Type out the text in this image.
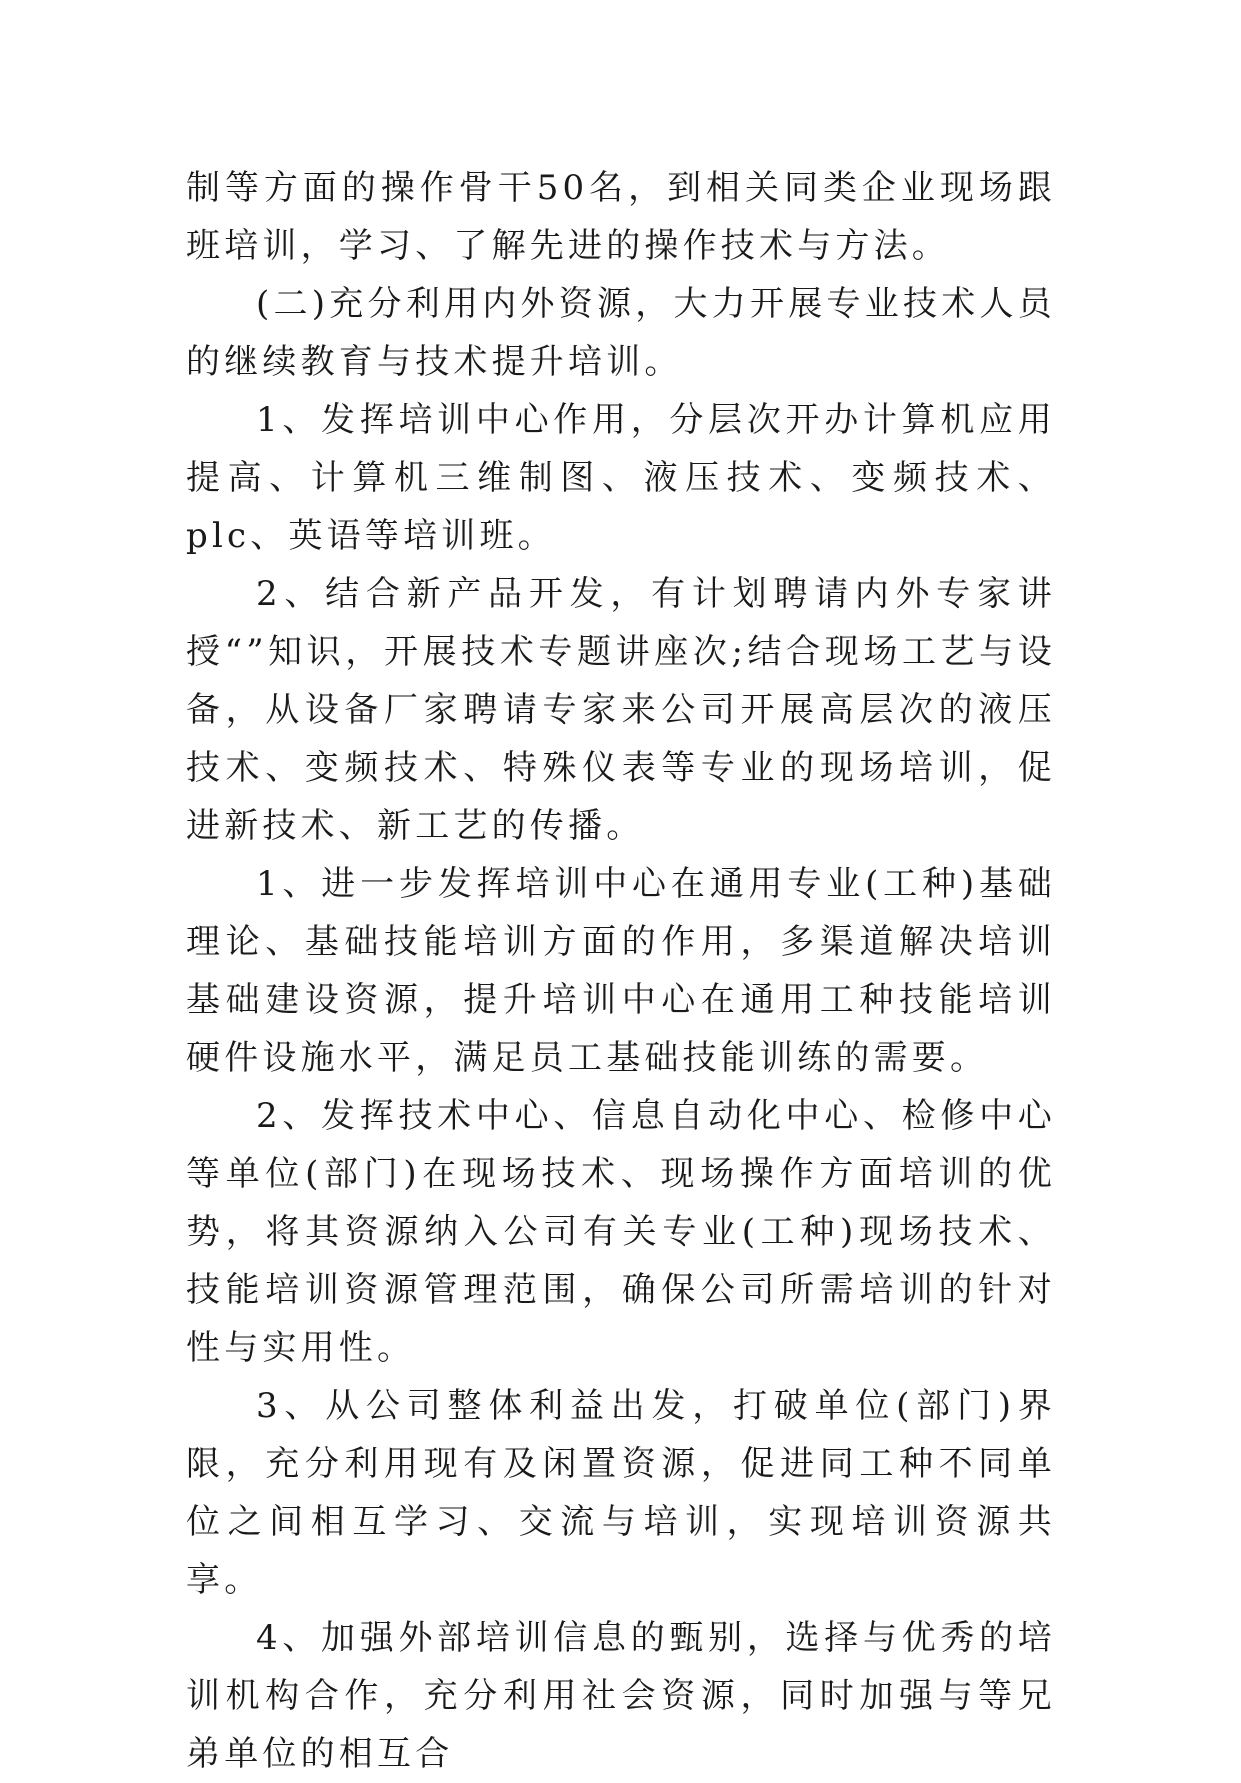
制等方面的操作骨干50名，到相关同类企业现场跟班培训，学习、了解先进的操作技术与方法。

(二)充分利用内外资源，大力开展专业技术人员的继续教育与技术提升培训。

1、发挥培训中心作用，分层次开办计算机应用提高、计算机三维制图、液压技术、变频技术、plc、英语等培训班。

2、结合新产品开发，有计划聘请内外专家讲授“”知识，开展技术专题讲座次;结合现场工艺与设备，从设备厂家聘请专家来公司开展高层次的液压技术、变频技术、特殊仪表等专业的现场培训，促进新技术、新工艺的传播。

1、进一步发挥培训中心在通用专业(工种)基础理论、基础技能培训方面的作用，多渠道解决培训基础建设资源，提升培训中心在通用工种技能培训硬件设施水平，满足员工基础技能训练的需要。

2、发挥技术中心、信息自动化中心、检修中心等单位(部门)在现场技术、现场操作方面培训的优势，将其资源纳入公司有关专业(工种)现场技术、技能培训资源管理范围，确保公司所需培训的针对性与实用性。

3、从公司整体利益出发，打破单位(部门)界限，充分利用现有及闲置资源，促进同工种不同单位之间相互学习、交流与培训，实现培训资源共享。

4、加强外部培训信息的甄别，选择与优秀的培训机构合作，充分利用社会资源，同时加强与等兄弟单位的相互合
